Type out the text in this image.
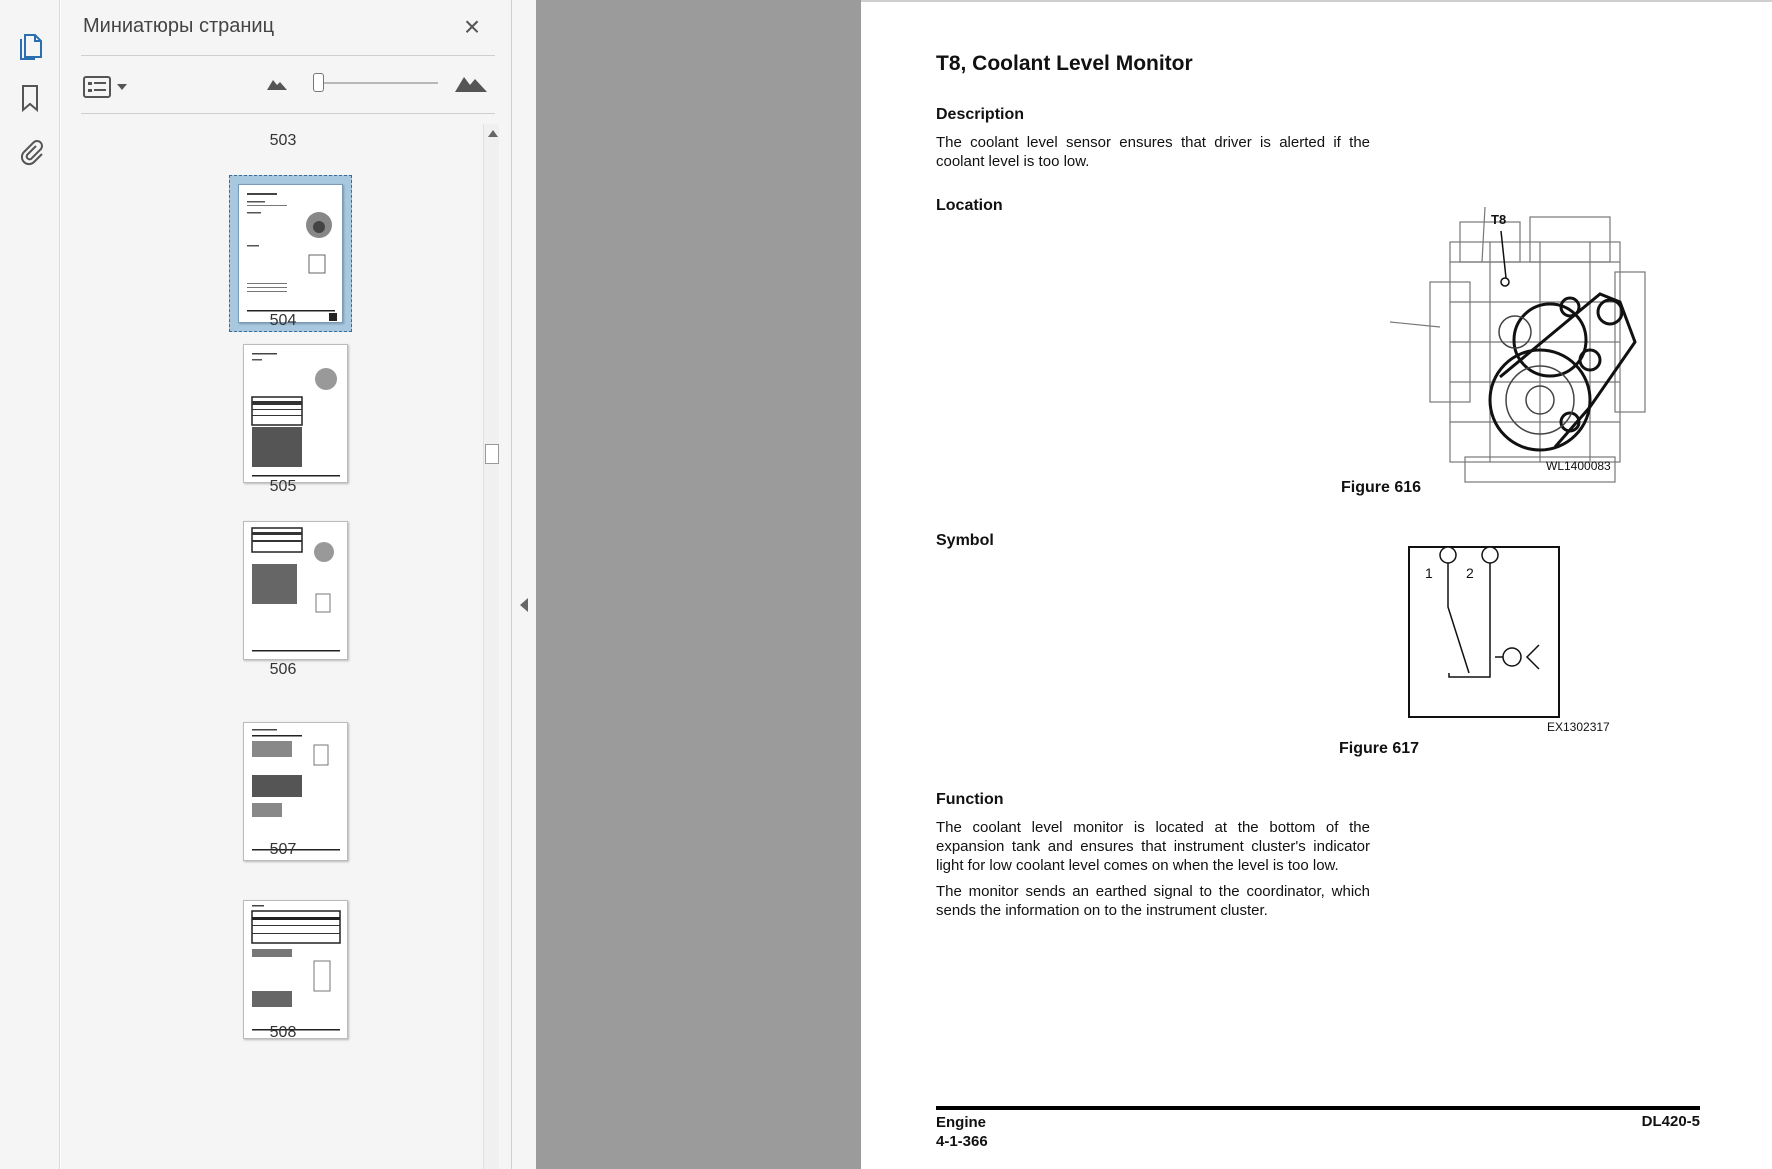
Миниатюры страниц	×
503
504
505
506
507
508
T8, Coolant Level Monitor
Description
The coolant level sensor ensures that driver is alerted if the coolant level is too low.
Location
T8
WL1400083
Figure 616
Symbol
1 2
EX1302317
Figure 617
Function
The coolant level monitor is located at the bottom of the expansion tank and ensures that instrument cluster's indicator light for low coolant level comes on when the level is too low.
The monitor sends an earthed signal to the coordinator, which sends the information on to the instrument cluster.
Engine
4-1-366
DL420-5
